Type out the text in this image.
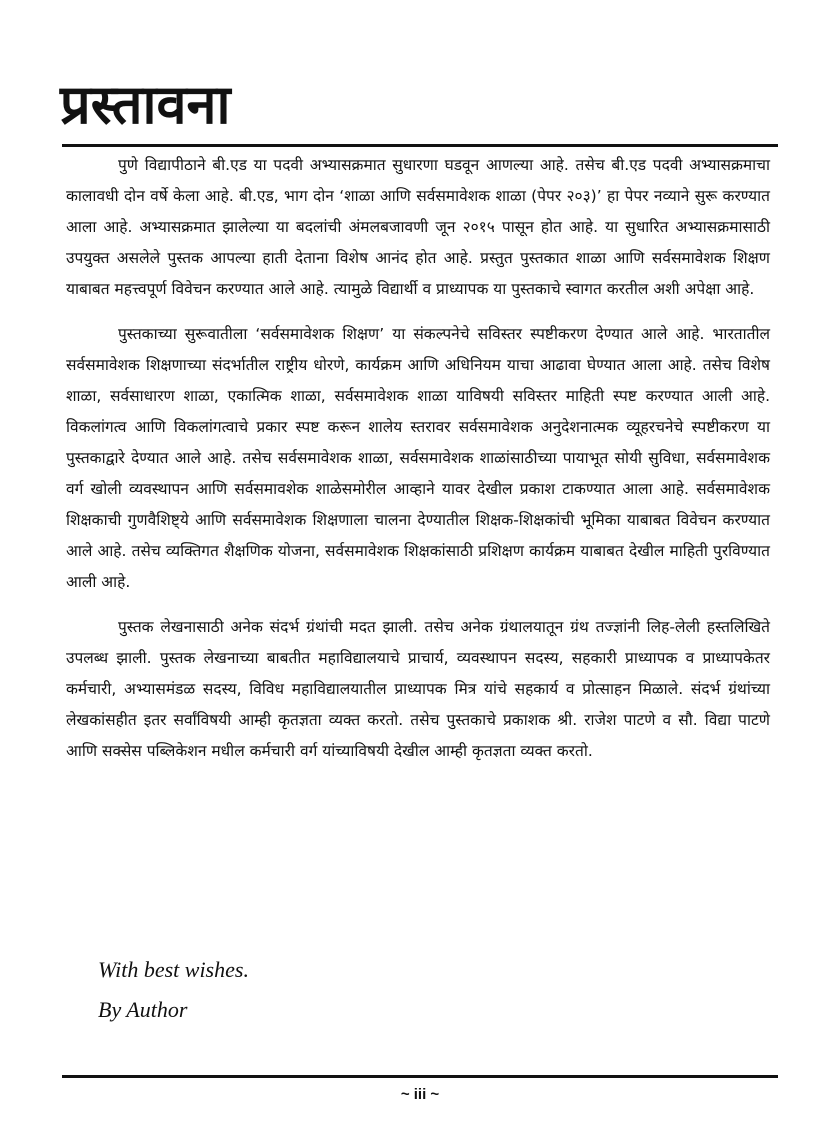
प्रस्तावना

पुणे विद्यापीठाने बी.एड या पदवी अभ्यासक्रमात सुधारणा घडवून आणल्या आहे. तसेच बी.एड पदवी अभ्यासक्रमाचा कालावधी दोन वर्षे केला आहे. बी.एड, भाग दोन ‘शाळा आणि सर्वसमावेशक शाळा (पेपर २०३)’ हा पेपर नव्याने सुरू करण्यात आला आहे. अभ्यासक्रमात झालेल्या या बदलांची अंमलबजावणी जून २०१५ पासून होत आहे. या सुधारित अभ्यासक्रमासाठी उपयुक्त असलेले पुस्तक आपल्या हाती देताना विशेष आनंद होत आहे. प्रस्तुत पुस्तकात शाळा आणि सर्वसमावेशक शिक्षण याबाबत महत्त्वपूर्ण विवेचन करण्यात आले आहे. त्यामुळे विद्यार्थी व प्राध्यापक या पुस्तकाचे स्वागत करतील अशी अपेक्षा आहे.

पुस्तकाच्या सुरूवातीला ‘सर्वसमावेशक शिक्षण’ या संकल्पनेचे सविस्तर स्पष्टीकरण देण्यात आले आहे. भारतातील सर्वसमावेशक शिक्षणाच्या संदर्भातील राष्ट्रीय धोरणे, कार्यक्रम आणि अधिनियम याचा आढावा घेण्यात आला आहे. तसेच विशेष शाळा, सर्वसाधारण शाळा, एकात्मिक शाळा, सर्वसमावेशक शाळा याविषयी सविस्तर माहिती स्पष्ट करण्यात आली आहे. विकलांगत्व आणि विकलांगत्वाचे प्रकार स्पष्ट करून शालेय स्तरावर सर्वसमावेशक अनुदेशनात्मक व्यूहरचनेचे स्पष्टीकरण या पुस्तकाद्वारे देण्यात आले आहे. तसेच सर्वसमावेशक शाळा, सर्वसमावेशक शाळांसाठीच्या पायाभूत सोयी सुविधा, सर्वसमावेशक वर्ग खोली व्यवस्थापन आणि सर्वसमावशेक शाळेसमोरील आव्हाने यावर देखील प्रकाश टाकण्यात आला आहे. सर्वसमावेशक शिक्षकाची गुणवैशिष्ट्ये आणि सर्वसमावेशक शिक्षणाला चालना देण्यातील शिक्षक-शिक्षकांची भूमिका याबाबत विवेचन करण्यात आले आहे. तसेच व्यक्तिगत शैक्षणिक योजना, सर्वसमावेशक शिक्षकांसाठी प्रशिक्षण कार्यक्रम याबाबत देखील माहिती पुरविण्यात आली आहे.

पुस्तक लेखनासाठी अनेक संदर्भ ग्रंथांची मदत झाली. तसेच अनेक ग्रंथालयातून ग्रंथ तज्ज्ञांनी लिह-लेली हस्तलिखिते उपलब्ध झाली. पुस्तक लेखनाच्या बाबतीत महाविद्यालयाचे प्राचार्य, व्यवस्थापन सदस्य, सहकारी प्राध्यापक व प्राध्यापकेतर कर्मचारी, अभ्यासमंडळ सदस्य, विविध महाविद्यालयातील प्राध्यापक मित्र यांचे सहकार्य व प्रोत्साहन मिळाले. संदर्भ ग्रंथांच्या लेखकांसहीत इतर सर्वांविषयी आम्ही कृतज्ञता व्यक्त करतो. तसेच पुस्तकाचे प्रकाशक श्री. राजेश पाटणे व सौ. विद्या पाटणे आणि सक्सेस पब्लिकेशन मधील कर्मचारी वर्ग यांच्याविषयी देखील आम्ही कृतज्ञता व्यक्त करतो.

With best wishes.
By Author
~ iii ~
